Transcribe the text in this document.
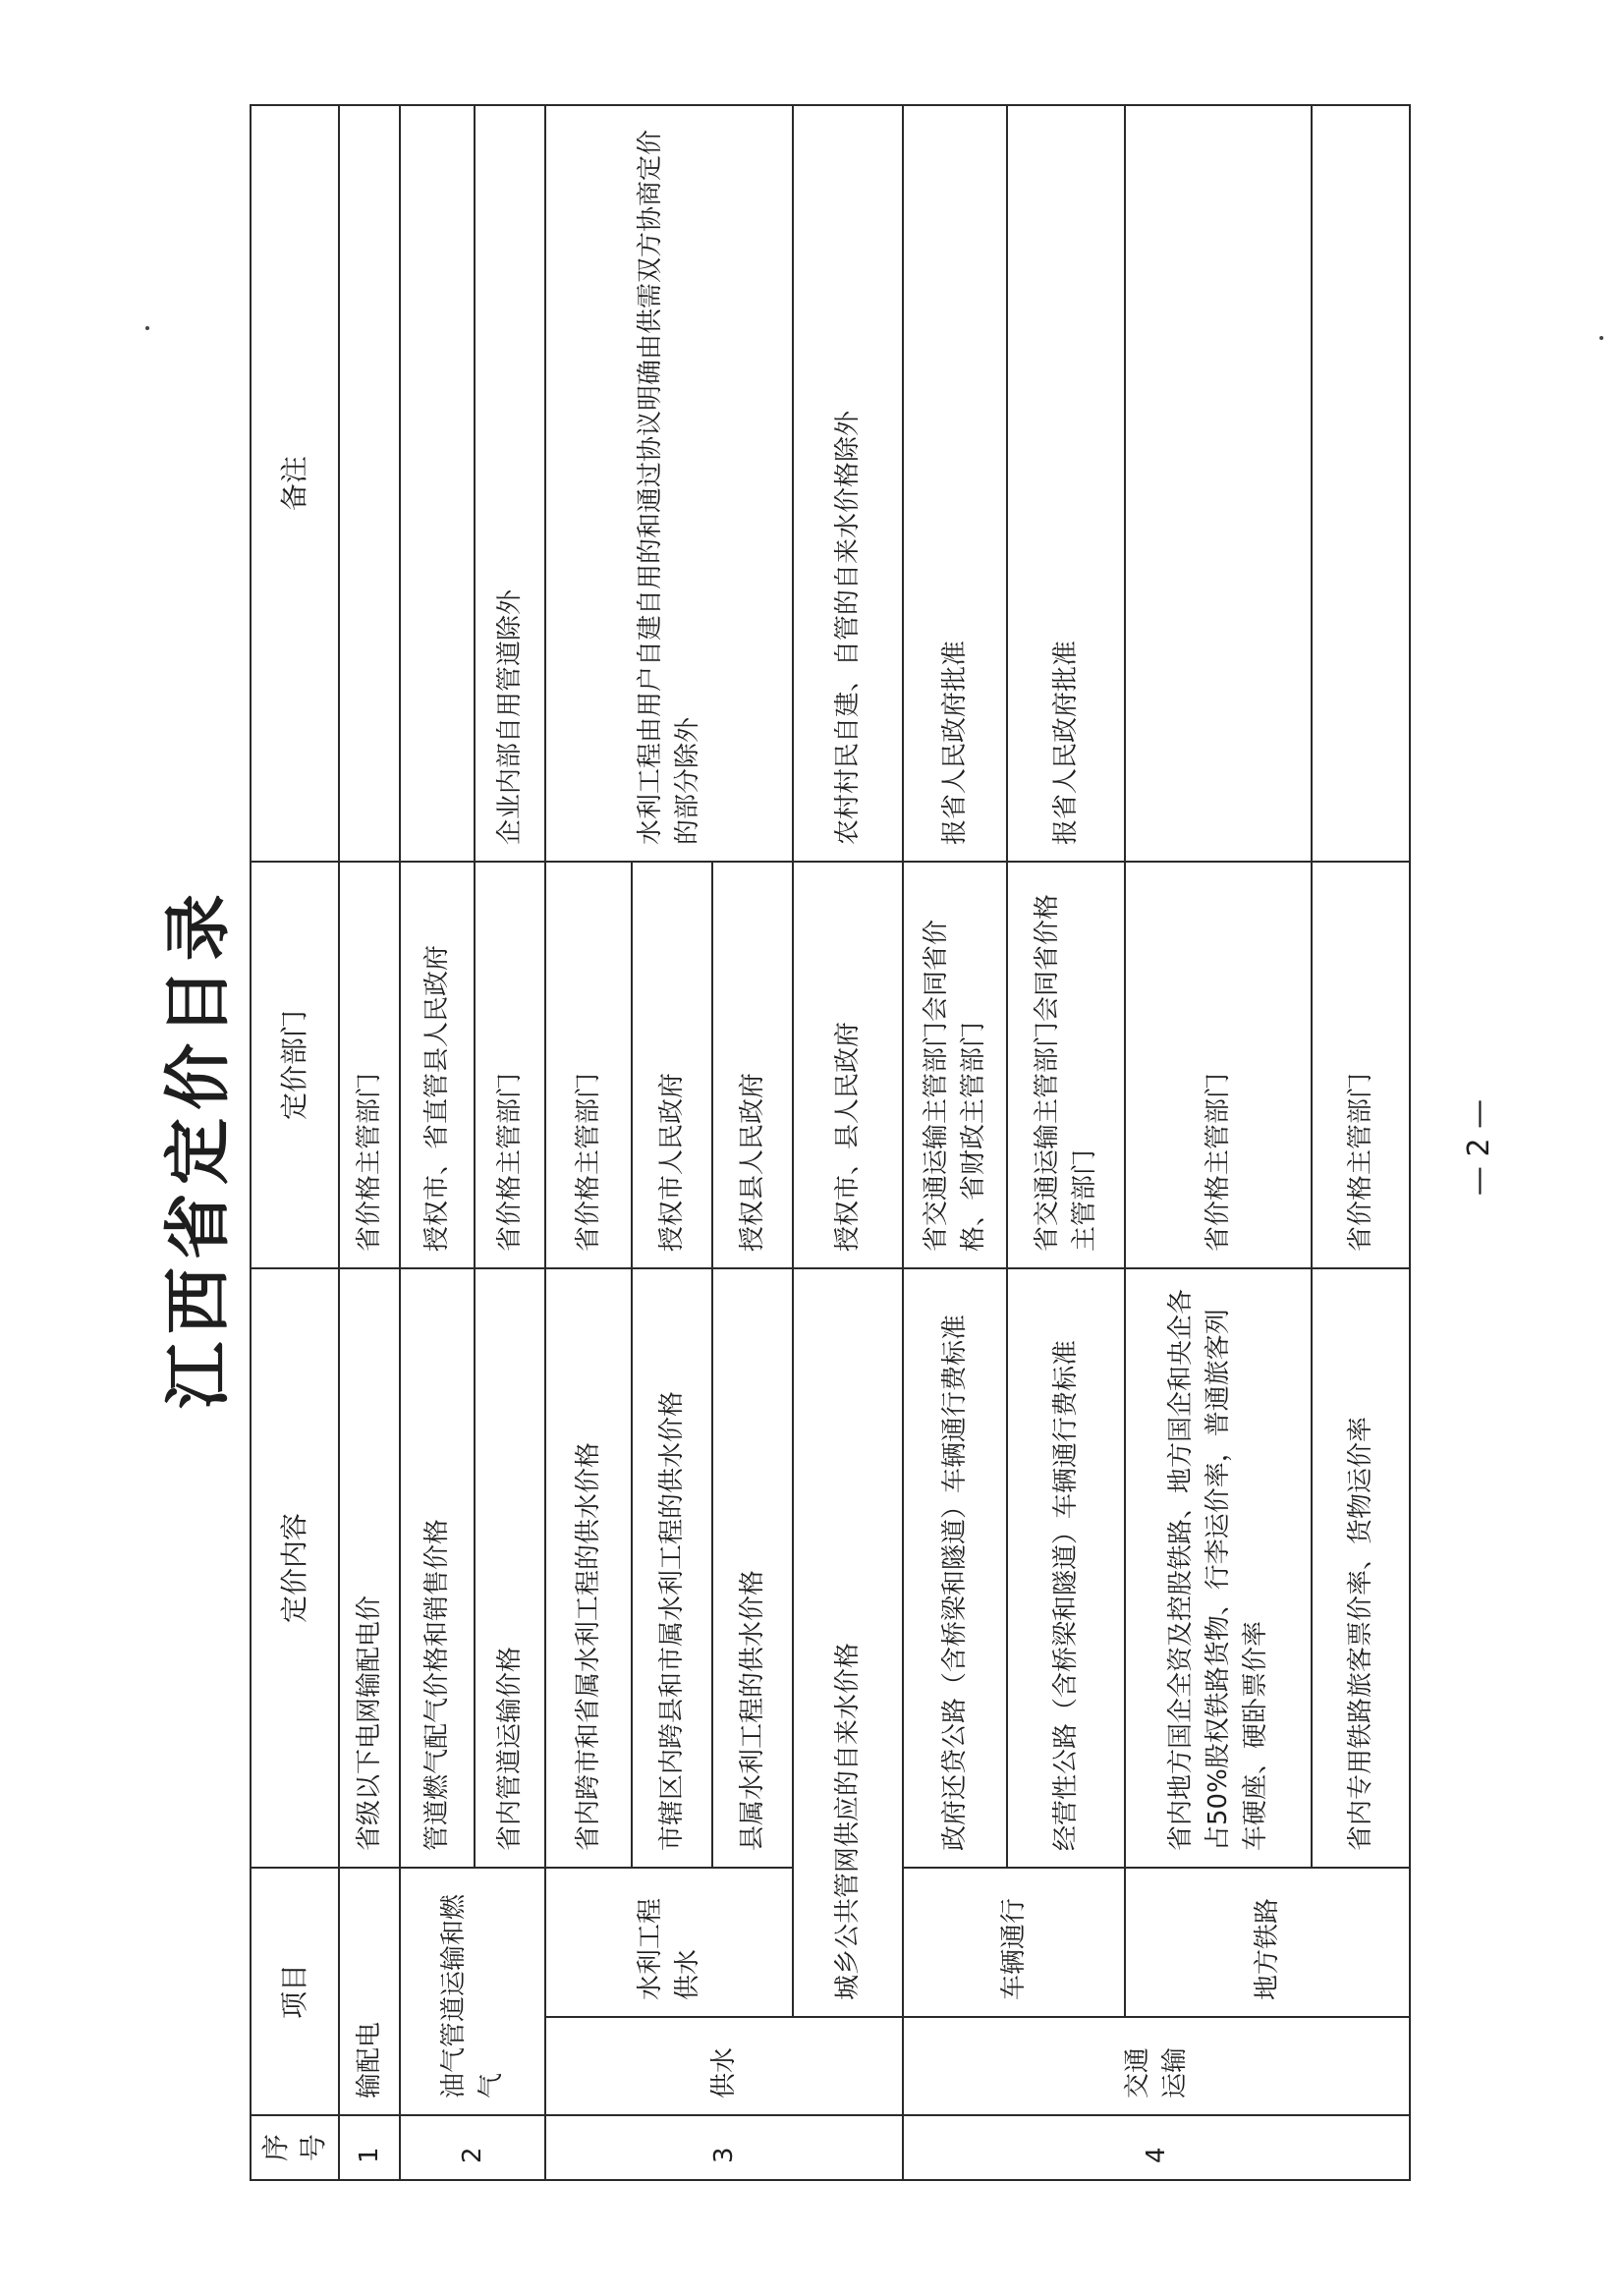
江西省定价目录
序号	项目		定价内容	定价部门	备注
1	输配电		省级以下电网输配电价	省价格主管部门	
2	油气管道运输和燃气		管道燃气配气价格和销售价格	授权市、省直管县人民政府	
			省内管道运输价格	省价格主管部门	企业内部自用管道除外
3	供水	水利工程供水	省内跨市和省属水利工程的供水价格	省价格主管部门	水利工程由用户自建自用的和通过协议明确由供需双方协商定价的部分除外
			市辖区内跨县和市属水利工程的供水价格	授权市人民政府	
			县属水利工程的供水价格	授权县人民政府	
		城乡公共管网供应的自来水价格		授权市、县人民政府	农村村民自建、自管的自来水价格除外
4	交通运输	车辆通行	政府还贷公路（含桥梁和隧道）车辆通行费标准	省交通运输主管部门会同省价格、省财政主管部门	报省人民政府批准
			经营性公路（含桥梁和隧道）车辆通行费标准	省交通运输主管部门会同省价格主管部门	报省人民政府批准
		地方铁路	省内地方国企全资及控股铁路、地方国企和央企各占50%股权铁路货物、行李运价率，普通旅客列车硬座、硬卧票价率	省价格主管部门	
			省内专用铁路旅客票价率、货物运价率	省价格主管部门		— 2 —
